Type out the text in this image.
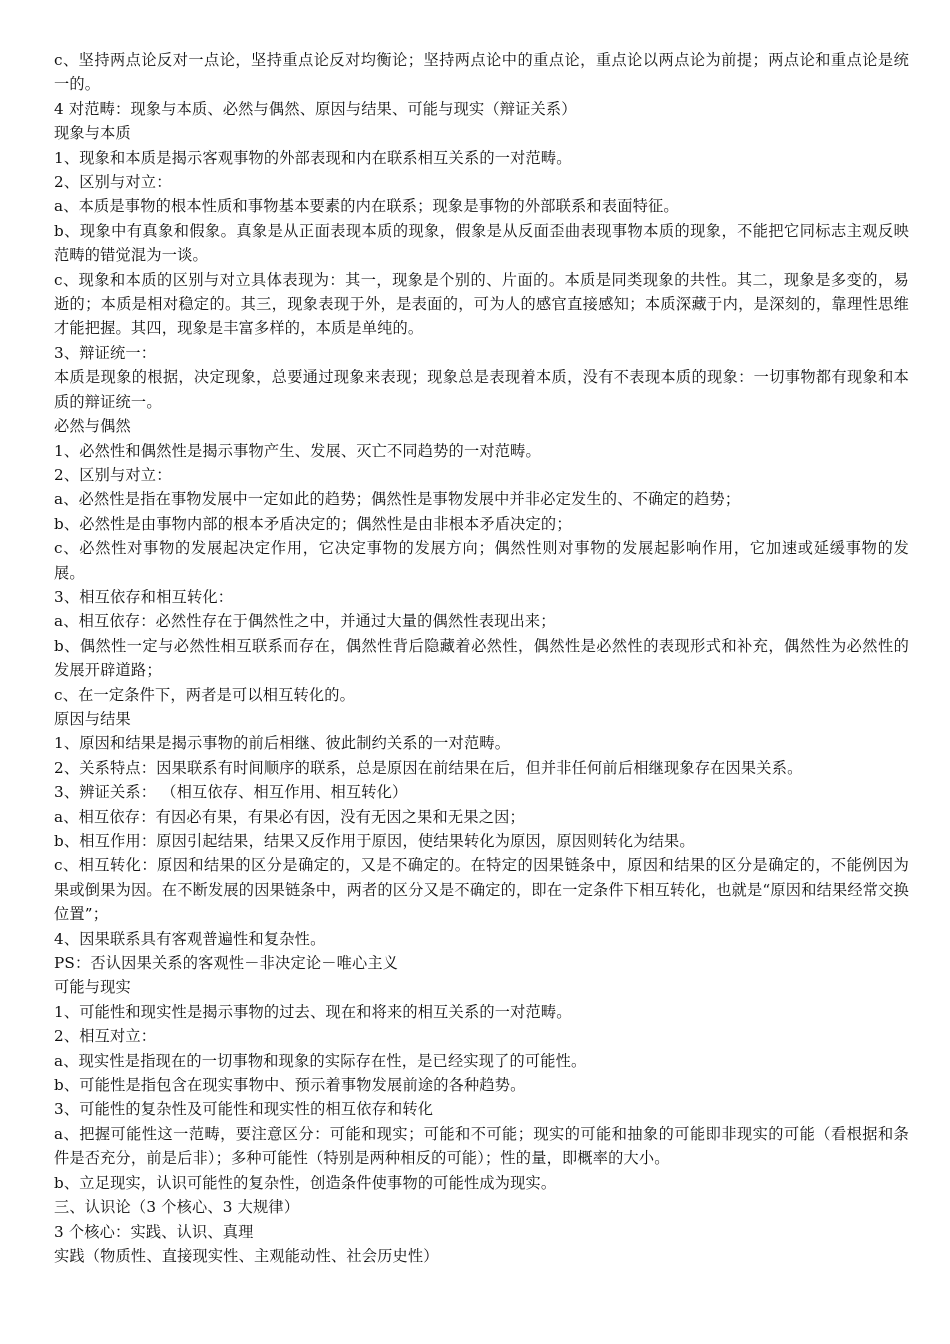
c、坚持两点论反对一点论，坚持重点论反对均衡论；坚持两点论中的重点论，重点论以两点论为前提；两点论和重点论是统一的。

4 对范畴：现象与本质、必然与偶然、原因与结果、可能与现实（辩证关系）

现象与本质

1、现象和本质是揭示客观事物的外部表现和内在联系相互关系的一对范畴。

2、区别与对立：

a、本质是事物的根本性质和事物基本要素的内在联系；现象是事物的外部联系和表面特征。

b、现象中有真象和假象。真象是从正面表现本质的现象，假象是从反面歪曲表现事物本质的现象，不能把它同标志主观反映范畴的错觉混为一谈。

c、现象和本质的区别与对立具体表现为：其一，现象是个别的、片面的。本质是同类现象的共性。其二，现象是多变的，易逝的；本质是相对稳定的。其三，现象表现于外，是表面的，可为人的感官直接感知；本质深藏于内，是深刻的，靠理性思维才能把握。其四，现象是丰富多样的，本质是单纯的。

3、辩证统一：

本质是现象的根据，决定现象，总要通过现象来表现；现象总是表现着本质，没有不表现本质的现象：一切事物都有现象和本质的辩证统一。

必然与偶然

1、必然性和偶然性是揭示事物产生、发展、灭亡不同趋势的一对范畴。

2、区别与对立：

a、必然性是指在事物发展中一定如此的趋势；偶然性是事物发展中并非必定发生的、不确定的趋势；

b、必然性是由事物内部的根本矛盾决定的；偶然性是由非根本矛盾决定的；

c、必然性对事物的发展起决定作用，它决定事物的发展方向；偶然性则对事物的发展起影响作用，它加速或延缓事物的发展。

3、相互依存和相互转化：

a、相互依存：必然性存在于偶然性之中，并通过大量的偶然性表现出来；

b、偶然性一定与必然性相互联系而存在，偶然性背后隐藏着必然性，偶然性是必然性的表现形式和补充，偶然性为必然性的发展开辟道路；

c、在一定条件下，两者是可以相互转化的。

原因与结果

1、原因和结果是揭示事物的前后相继、彼此制约关系的一对范畴。

2、关系特点：因果联系有时间顺序的联系，总是原因在前结果在后，但并非任何前后相继现象存在因果关系。

3、辨证关系： （相互依存、相互作用、相互转化）

a、相互依存：有因必有果，有果必有因，没有无因之果和无果之因；

b、相互作用：原因引起结果，结果又反作用于原因，使结果转化为原因，原因则转化为结果。

c、相互转化：原因和结果的区分是确定的，又是不确定的。在特定的因果链条中，原因和结果的区分是确定的，不能例因为果或倒果为因。在不断发展的因果链条中，两者的区分又是不确定的，即在一定条件下相互转化，也就是“原因和结果经常交换位置”；

4、因果联系具有客观普遍性和复杂性。

PS：否认因果关系的客观性－非决定论－唯心主义

可能与现实

1、可能性和现实性是揭示事物的过去、现在和将来的相互关系的一对范畴。

2、相互对立：

a、现实性是指现在的一切事物和现象的实际存在性，是已经实现了的可能性。

b、可能性是指包含在现实事物中、预示着事物发展前途的各种趋势。

3、可能性的复杂性及可能性和现实性的相互依存和转化

a、把握可能性这一范畴，要注意区分：可能和现实；可能和不可能；现实的可能和抽象的可能即非现实的可能（看根据和条件是否充分，前是后非）；多种可能性（特别是两种相反的可能）；性的量，即概率的大小。

b、立足现实，认识可能性的复杂性，创造条件使事物的可能性成为现实。

三、认识论（3 个核心、3 大规律）

3 个核心：实践、认识、真理

实践（物质性、直接现实性、主观能动性、社会历史性）
